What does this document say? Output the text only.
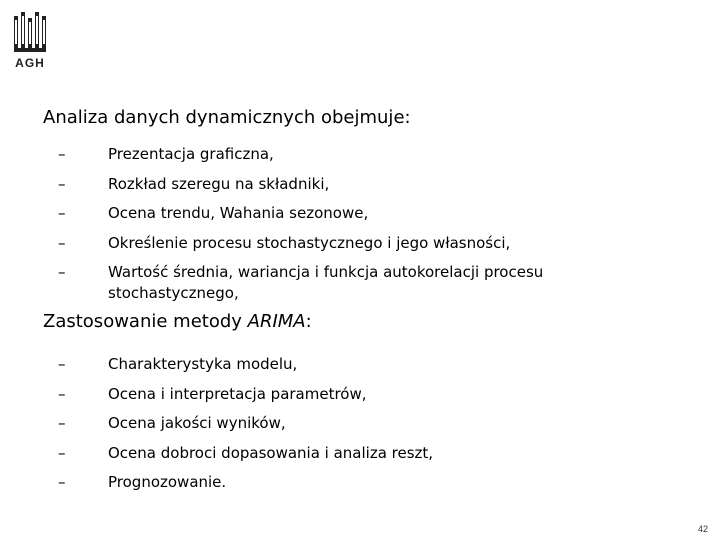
AGH

Analiza danych dynamicznych obejmuje:

–	Prezentacja graficzna,
–	Rozkład szeregu na składniki,
–	Ocena trendu, Wahania sezonowe,
–	Określenie procesu stochastycznego i jego własności,
–	Wartość średnia, wariancja i funkcja autokorelacji procesu stochastycznego,

Zastosowanie metody ARIMA:

–	Charakterystyka modelu,
–	Ocena i interpretacja parametrów,
–	Ocena jakości wyników,
–	Ocena dobroci dopasowania i analiza reszt,
–	Prognozowanie.
42
